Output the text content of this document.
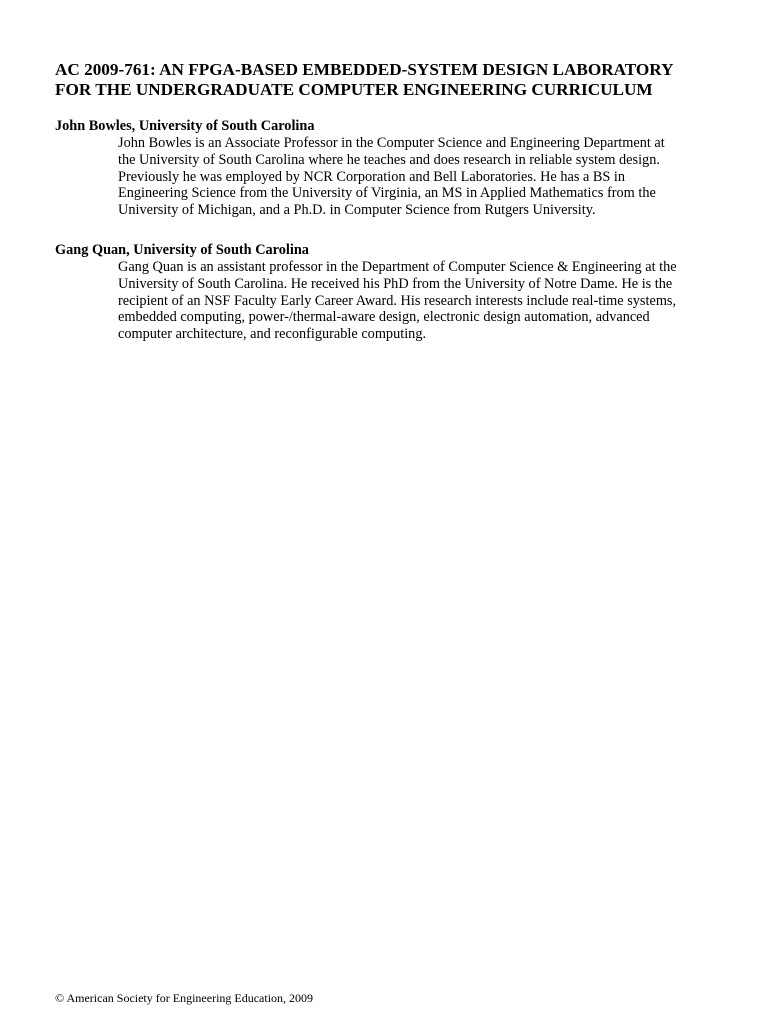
AC 2009-761: AN FPGA-BASED EMBEDDED-SYSTEM DESIGN LABORATORY
FOR THE UNDERGRADUATE COMPUTER ENGINEERING CURRICULUM

John Bowles, University of South Carolina

John Bowles is an Associate Professor in the Computer Science and Engineering Department at
the University of South Carolina where he teaches and does research in reliable system design.
Previously he was employed by NCR Corporation and Bell Laboratories. He has a BS in
Engineering Science from the University of Virginia, an MS in Applied Mathematics from the
University of Michigan, and a Ph.D. in Computer Science from Rutgers University.

Gang Quan, University of South Carolina

Gang Quan is an assistant professor in the Department of Computer Science & Engineering at the
University of South Carolina. He received his PhD from the University of Notre Dame. He is the
recipient of an NSF Faculty Early Career Award. His research interests include real-time systems,
embedded computing, power-/thermal-aware design, electronic design automation, advanced
computer architecture, and reconfigurable computing.

© American Society for Engineering Education, 2009
